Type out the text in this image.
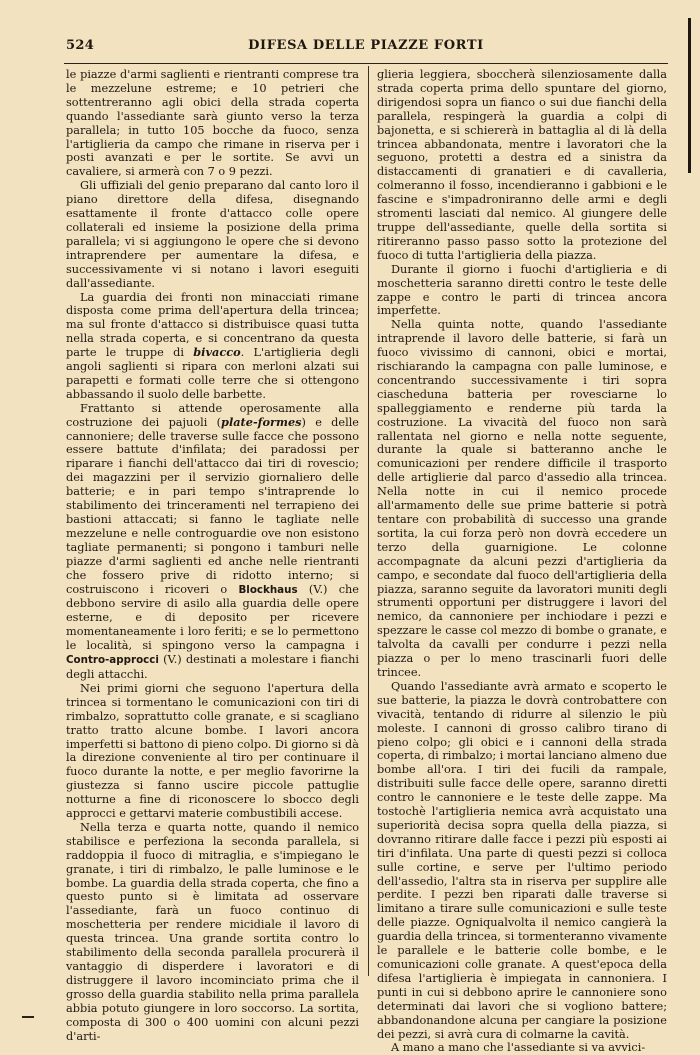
524	DIFESA DELLE PIAZZE FORTI

le piazze d'armi saglienti e rientranti comprese tra le mezzelune estreme; e 10 petrieri che sottentreranno agli obici della strada coperta quando l'assediante sarà giunto verso la terza parallela; in tutto 105 bocche da fuoco, senza l'artiglieria da campo che rimane in riserva per i posti avanzati e per le sortite. Se avvi un cavaliere, si armerà con 7 o 9 pezzi.

Gli uffiziali del genio preparano dal canto loro il piano direttore della difesa, disegnando esattamente il fronte d'attacco colle opere collaterali ed insieme la posizione della prima parallela; vi si aggiungono le opere che si devono intraprendere per aumentare la difesa, e successivamente vi si notano i lavori eseguiti dall'assediante.

La guardia dei fronti non minacciati rimane disposta come prima dell'apertura della trincea; ma sul fronte d'attacco si distribuisce quasi tutta nella strada coperta, e si concentrano da questa parte le truppe di bivacco. L'artiglieria degli angoli saglienti si ripara con merloni alzati sui parapetti e formati colle terre che si ottengono abbassando il suolo delle barbette.

Frattanto si attende operosamente alla costruzione dei pajuoli (plate-formes) e delle cannoniere; delle traverse sulle facce che possono essere battute d'infilata; dei paradossi per riparare i fianchi dell'attacco dai tiri di rovescio; dei magazzini per il servizio giornaliero delle batterie; e in pari tempo s'intraprende lo stabilimento dei trinceramenti nel terrapieno dei bastioni attaccati; si fanno le tagliate nelle mezzelune e nelle controguardie ove non esistono tagliate permanenti; si pongono i tamburi nelle piazze d'armi saglienti ed anche nelle rientranti che fossero prive di ridotto interno; si costruiscono i ricoveri o Blockhaus (V.) che debbono servire di asilo alla guardia delle opere esterne, e di deposito per ricevere momentaneamente i loro feriti; e se lo permettono le località, si spingono verso la campagna i Contro-approcci (V.) destinati a molestare i fianchi degli attacchi.

Nei primi giorni che seguono l'apertura della trincea si tormentano le comunicazioni con tiri di rimbalzo, soprattutto colle granate, e si scagliano tratto tratto alcune bombe. I lavori ancora imperfetti si battono di pieno colpo. Di giorno si dà la direzione conveniente al tiro per continuare il fuoco durante la notte, e per meglio favorirne la giustezza si fanno uscire piccole pattuglie notturne a fine di riconoscere lo sbocco degli approcci e gettarvi materie combustibili accese.

Nella terza e quarta notte, quando il nemico stabilisce e perfeziona la seconda parallela, si raddoppia il fuoco di mitraglia, e s'impiegano le granate, i tiri di rimbalzo, le palle luminose e le bombe. La guardia della strada coperta, che fino a questo punto si è limitata ad osservare l'assediante, farà un fuoco continuo di moschetteria per rendere micidiale il lavoro di questa trincea. Una grande sortita contro lo stabilimento della seconda parallela procurerà il vantaggio di disperdere i lavoratori e di distruggere il lavoro incominciato prima che il grosso della guardia stabilito nella prima parallela abbia potuto giungere in loro soccorso. La sortita, composta di 300 o 400 uomini con alcuni pezzi d'arti-

glieria leggiera, sboccherà silenziosamente dalla strada coperta prima dello spuntare del giorno, dirigendosi sopra un fianco o sui due fianchi della parallela, respingerà la guardia a colpi di bajonetta, e si schiererà in battaglia al di là della trincea abbandonata, mentre i lavoratori che la seguono, protetti a destra ed a sinistra da distaccamenti di granatieri e di cavalleria, colmeranno il fosso, incendieranno i gabbioni e le fascine e s'impadroniranno delle armi e degli stromenti lasciati dal nemico. Al giungere delle truppe dell'assediante, quelle della sortita si ritireranno passo passo sotto la protezione del fuoco di tutta l'artiglieria della piazza.

Durante il giorno i fuochi d'artiglieria e di moschetteria saranno diretti contro le teste delle zappe e contro le parti di trincea ancora imperfette.

Nella quinta notte, quando l'assediante intraprende il lavoro delle batterie, si farà un fuoco vivissimo di cannoni, obici e mortai, rischiarando la campagna con palle luminose, e concentrando successivamente i tiri sopra ciascheduna batteria per rovesciarne lo spalleggiamento e renderne più tarda la costruzione. La vivacità del fuoco non sarà rallentata nel giorno e nella notte seguente, durante la quale si batteranno anche le comunicazioni per rendere difficile il trasporto delle artiglierie dal parco d'assedio alla trincea. Nella notte in cui il nemico procede all'armamento delle sue prime batterie si potrà tentare con probabilità di successo una grande sortita, la cui forza però non dovrà eccedere un terzo della guarnigione. Le colonne accompagnate da alcuni pezzi d'artiglieria da campo, e secondate dal fuoco dell'artiglieria della piazza, saranno seguite da lavoratori muniti degli strumenti opportuni per distruggere i lavori del nemico, da cannoniere per inchiodare i pezzi e spezzare le casse col mezzo di bombe o granate, e talvolta da cavalli per condurre i pezzi nella piazza o per lo meno trascinarli fuori delle trincee.

Quando l'assediante avrà armato e scoperto le sue batterie, la piazza le dovrà controbattere con vivacità, tentando di ridurre al silenzio le più moleste. I cannoni di grosso calibro tirano di pieno colpo; gli obici e i cannoni della strada coperta, di rimbalzo; i mortai lanciano almeno due bombe all'ora. I tiri dei fucili da rampale, distribuiti sulle facce delle opere, saranno diretti contro le cannoniere e le teste delle zappe. Ma tostochè l'artiglieria nemica avrà acquistato una superiorità decisa sopra quella della piazza, si dovranno ritirare dalle facce i pezzi più esposti ai tiri d'infilata. Una parte di questi pezzi si colloca sulle cortine, e serve per l'ultimo periodo dell'assedio, l'altra sta in riserva per supplire alle perdite. I pezzi ben riparati dalle traverse si limitano a tirare sulle comunicazioni e sulle teste delle piazze. Ogniqualvolta il nemico cangierà la guardia della trincea, si tormenteranno vivamente le parallele e le batterie colle bombe, e le comunicazioni colle granate. A quest'epoca della difesa l'artiglieria è impiegata in cannoniera. I punti in cui si debbono aprire le cannoniere sono determinati dai lavori che si vogliono battere; abbandonandone alcuna per cangiare la posizione dei pezzi, si avrà cura di colmarne la cavità.

A mano a mano che l'assediante si va avvici-
